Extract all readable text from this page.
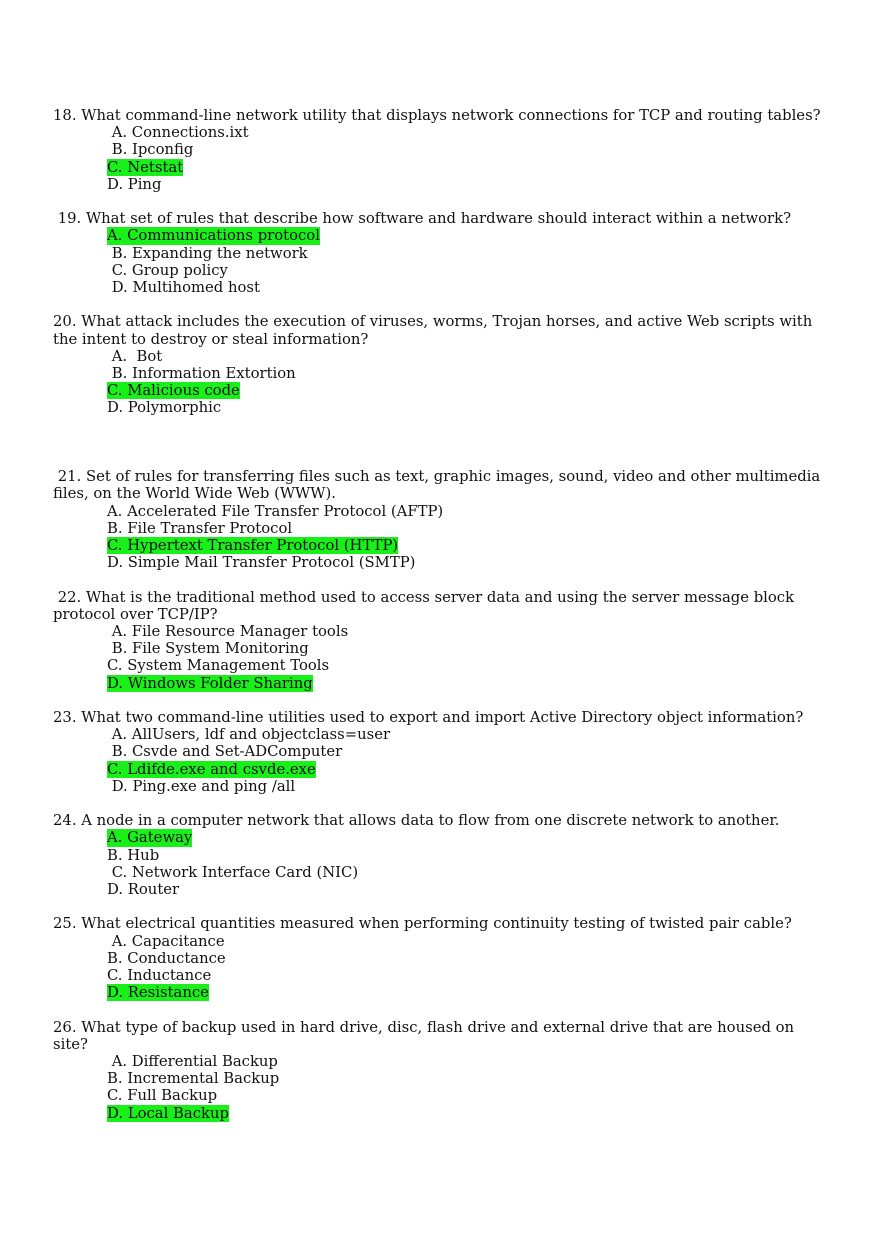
18. What command-line network utility that displays network connections for TCP and routing tables?
A. Connections.ixt
B. Ipconfig
C. Netstat
D. Ping
19. What set of rules that describe how software and hardware should interact within a network?
A. Communications protocol
B. Expanding the network
C. Group policy
D. Multihomed host
20. What attack includes the execution of viruses, worms, Trojan horses, and active Web scripts with
the intent to destroy or steal information?
A.  Bot
B. Information Extortion
C. Malicious code
D. Polymorphic
21. Set of rules for transferring files such as text, graphic images, sound, video and other multimedia
files, on the World Wide Web (WWW).
A. Accelerated File Transfer Protocol (AFTP)
B. File Transfer Protocol
C. Hypertext Transfer Protocol (HTTP)
D. Simple Mail Transfer Protocol (SMTP)
22. What is the traditional method used to access server data and using the server message block
protocol over TCP/IP?
A. File Resource Manager tools
B. File System Monitoring
C. System Management Tools
D. Windows Folder Sharing
23. What two command-line utilities used to export and import Active Directory object information?
A. AllUsers, ldf and objectclass=user
B. Csvde and Set-ADComputer
C. Ldifde.exe and csvde.exe
D. Ping.exe and ping /all
24. A node in a computer network that allows data to flow from one discrete network to another.
A. Gateway
B. Hub
C. Network Interface Card (NIC)
D. Router
25. What electrical quantities measured when performing continuity testing of twisted pair cable?
A. Capacitance
B. Conductance
C. Inductance
D. Resistance
26. What type of backup used in hard drive, disc, flash drive and external drive that are housed on
site?
A. Differential Backup
B. Incremental Backup
C. Full Backup
D. Local Backup
